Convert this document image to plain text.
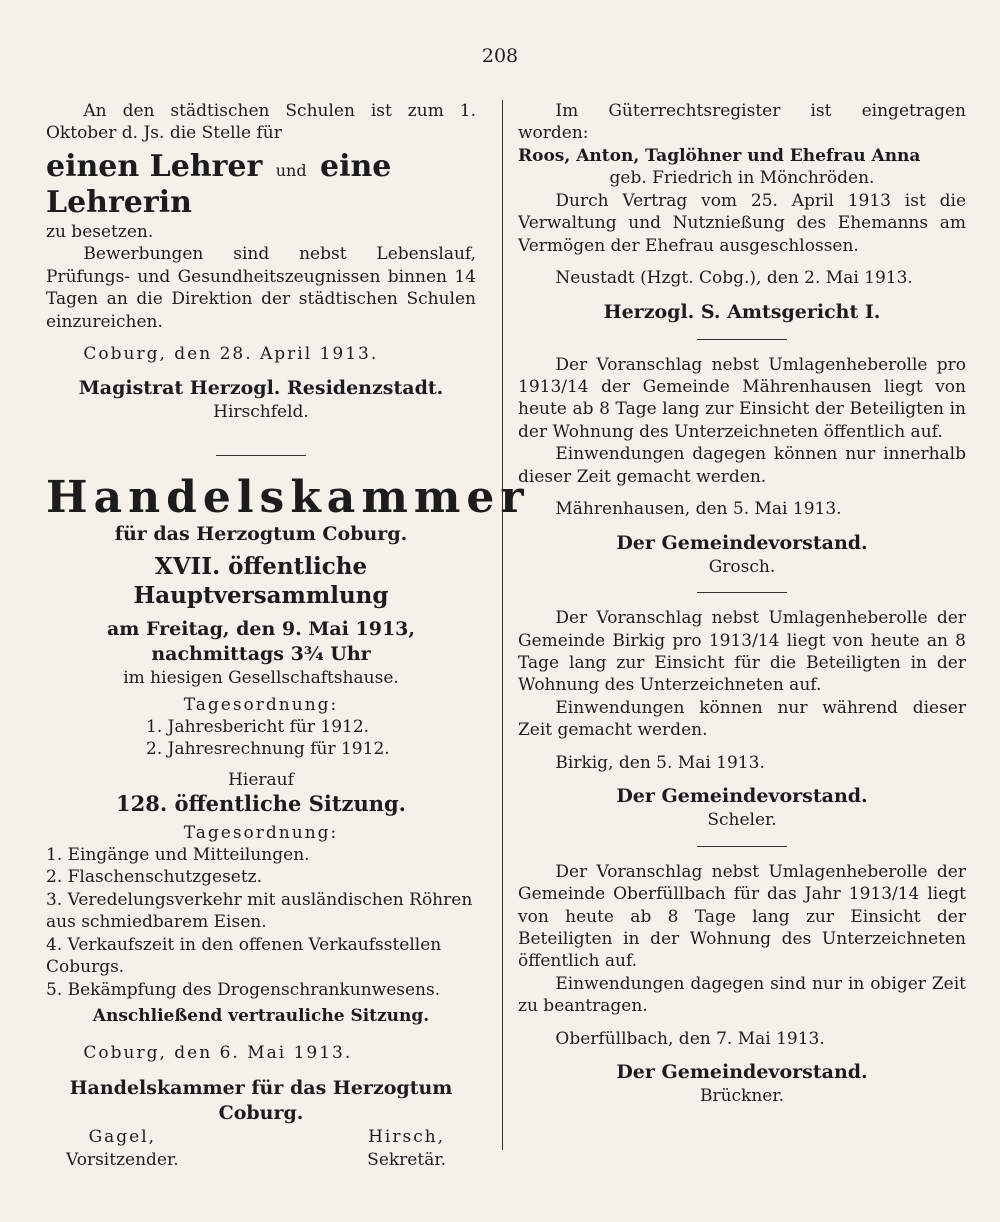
208

An den städtischen Schulen ist zum 1. Oktober d. Js. die Stelle für

einen Lehrer und eine Lehrerin

zu besetzen.

Bewerbungen sind nebst Lebenslauf, Prüfungs- und Gesundheitszeugnissen binnen 14 Tagen an die Direktion der städtischen Schulen einzureichen.

Coburg, den 28. April 1913.

Magistrat Herzogl. Residenzstadt.

Hirschfeld.

Handelskammer
für das Herzogtum Coburg.
XVII. öffentliche Hauptversammlung
am Freitag, den 9. Mai 1913,
nachmittags 3¾ Uhr
im hiesigen Gesellschaftshause.
Tagesordnung:
1. Jahresbericht für 1912.
2. Jahresrechnung für 1912.
Hierauf
128. öffentliche Sitzung.
Tagesordnung:
1. Eingänge und Mitteilungen.
2. Flaschenschutzgesetz.
3. Veredelungsverkehr mit ausländischen Röhren aus schmiedbarem Eisen.
4. Verkaufszeit in den offenen Verkaufsstellen Coburgs.
5. Bekämpfung des Drogenschrankunwesens.
Anschließend vertrauliche Sitzung.

Coburg, den 6. Mai 1913.

Handelskammer für das Herzogtum Coburg.
Gagel,
Vorsitzender.
Hirsch,
Sekretär.

Im Güterrechtsregister ist eingetragen worden:

Roos, Anton, Taglöhner und Ehefrau Anna

geb. Friedrich in Mönchröden.

Durch Vertrag vom 25. April 1913 ist die Verwaltung und Nutznießung des Ehemanns am Vermögen der Ehefrau ausgeschlossen.

Neustadt (Hzgt. Cobg.), den 2. Mai 1913.

Herzogl. S. Amtsgericht I.

Der Voranschlag nebst Umlagenheberolle pro 1913/14 der Gemeinde Mährenhausen liegt von heute ab 8 Tage lang zur Einsicht der Beteiligten in der Wohnung des Unterzeichneten öffentlich auf.

Einwendungen dagegen können nur innerhalb dieser Zeit gemacht werden.

Mährenhausen, den 5. Mai 1913.

Der Gemeindevorstand.

Grosch.

Der Voranschlag nebst Umlagenheberolle der Gemeinde Birkig pro 1913/14 liegt von heute an 8 Tage lang zur Einsicht für die Beteiligten in der Wohnung des Unterzeichneten auf.

Einwendungen können nur während dieser Zeit gemacht werden.

Birkig, den 5. Mai 1913.

Der Gemeindevorstand.

Scheler.

Der Voranschlag nebst Umlagenheberolle der Gemeinde Oberfüllbach für das Jahr 1913/14 liegt von heute ab 8 Tage lang zur Einsicht der Beteiligten in der Wohnung des Unterzeichneten öffentlich auf.

Einwendungen dagegen sind nur in obiger Zeit zu beantragen.

Oberfüllbach, den 7. Mai 1913.

Der Gemeindevorstand.

Brückner.
